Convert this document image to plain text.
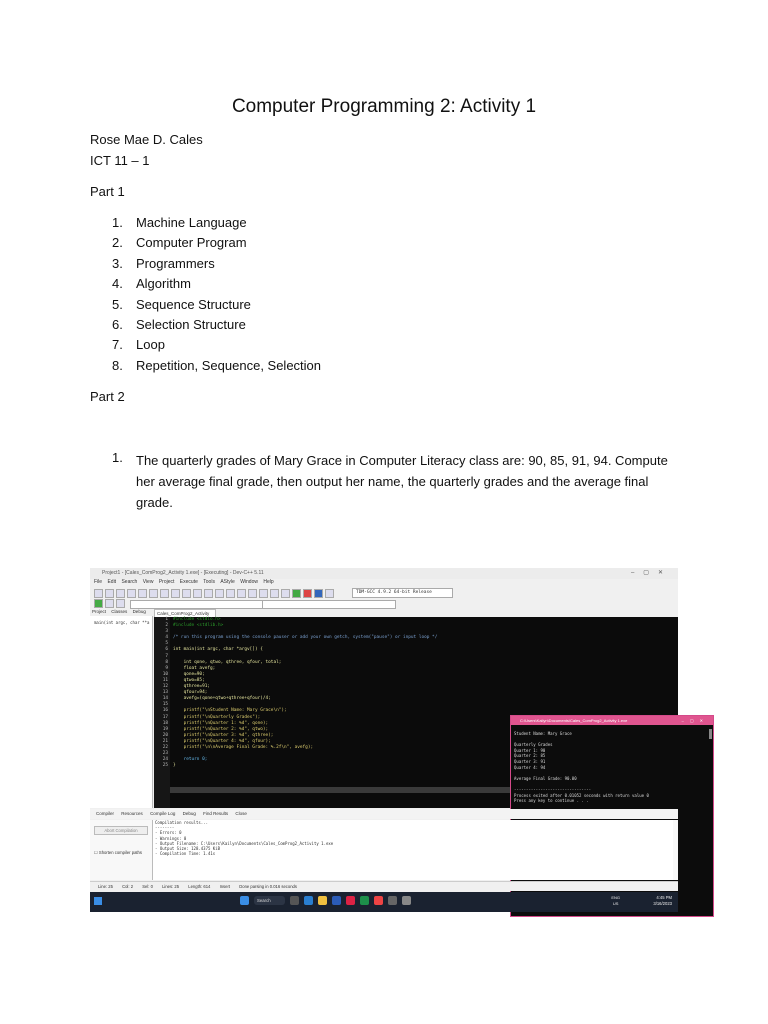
Computer Programming 2: Activity 1
Rose Mae D. Cales
ICT 11 – 1
Part 1
1.	Machine Language
2.	Computer Program
3.	Programmers
4.	Algorithm
5.	Sequence Structure
6.	Selection Structure
7.	Loop
8.	Repetition, Sequence, Selection
Part 2
1. The quarterly grades of Mary Grace in Computer Literacy class are: 90, 85, 91, 94. Compute her average final grade, then output her name, the quarterly grades and the average final grade.
Project1 - [Cales_ComProg2_Activity 1.exe] - [Executing] - Dev-C++ 5.11	–▢✕
File Edit Search View Project Execute Tools AStyle Window Help
TDM-GCC 4.9.2 64-bit Release
Project Classes Debug
main(int argc, char **a
Cales_ComProg2_Activity
1
2
3
4
5
6
7
8
9
10
11
12
13
14
15
16
17
18
19
20
21
22
23
24
25
#include <stdio.h>
#include <stdlib.h>
/* run this program using the console pauser or add your own getch, system("pause") or input loop */
int main(int argc, char *argv[]) {
int qone, qtwo, qthree, qfour, total;
float avefg;
qone=90;
qtwo=85;
qthree=91;
qfour=94;
avefg=(qone+qtwo+qthree+qfour)/4;
printf("\nStudent Name: Mary Grace\n");
printf("\nQuarterly Grades");
printf("\nQuarter 1: %d", qone);
printf("\nQuarter 2: %d", qtwo);
printf("\nQuarter 3: %d", qthree);
printf("\nQuarter 4: %d", qfour);
printf("\n\nAverage Final Grade: %.2f\n", avefg);
return 0;
}
C:\Users\Kailyn\Documents\Cales_ComProg2_Activity 1.exe	–▢✕
Student Name: Mary Grace
Quarterly Grades
Quarter 1: 90
Quarter 2: 85
Quarter 3: 91
Quarter 4: 94
Average Final Grade: 90.00
--------------------------------
Process exited after 0.01052 seconds with return value 0
Press any key to continue . . .
Compiler Resources Compile Log Debug Find Results Close
Abort Compilation
☐ Shorten compiler paths
Compilation results...
--------
- Errors: 0
- Warnings: 0
- Output Filename: C:\Users\Kailyn\Documents\Cales_ComProg2_Activity 1.exe
- Output Size: 128.4375 KiB
- Compilation Time: 1.41s
Line: 25 Col: 2 Sel: 0 Lines: 25 Length: 614 Insert Done parsing in 0.016 seconds
Search
ENG
US
4:45 PM
3/16/2023
